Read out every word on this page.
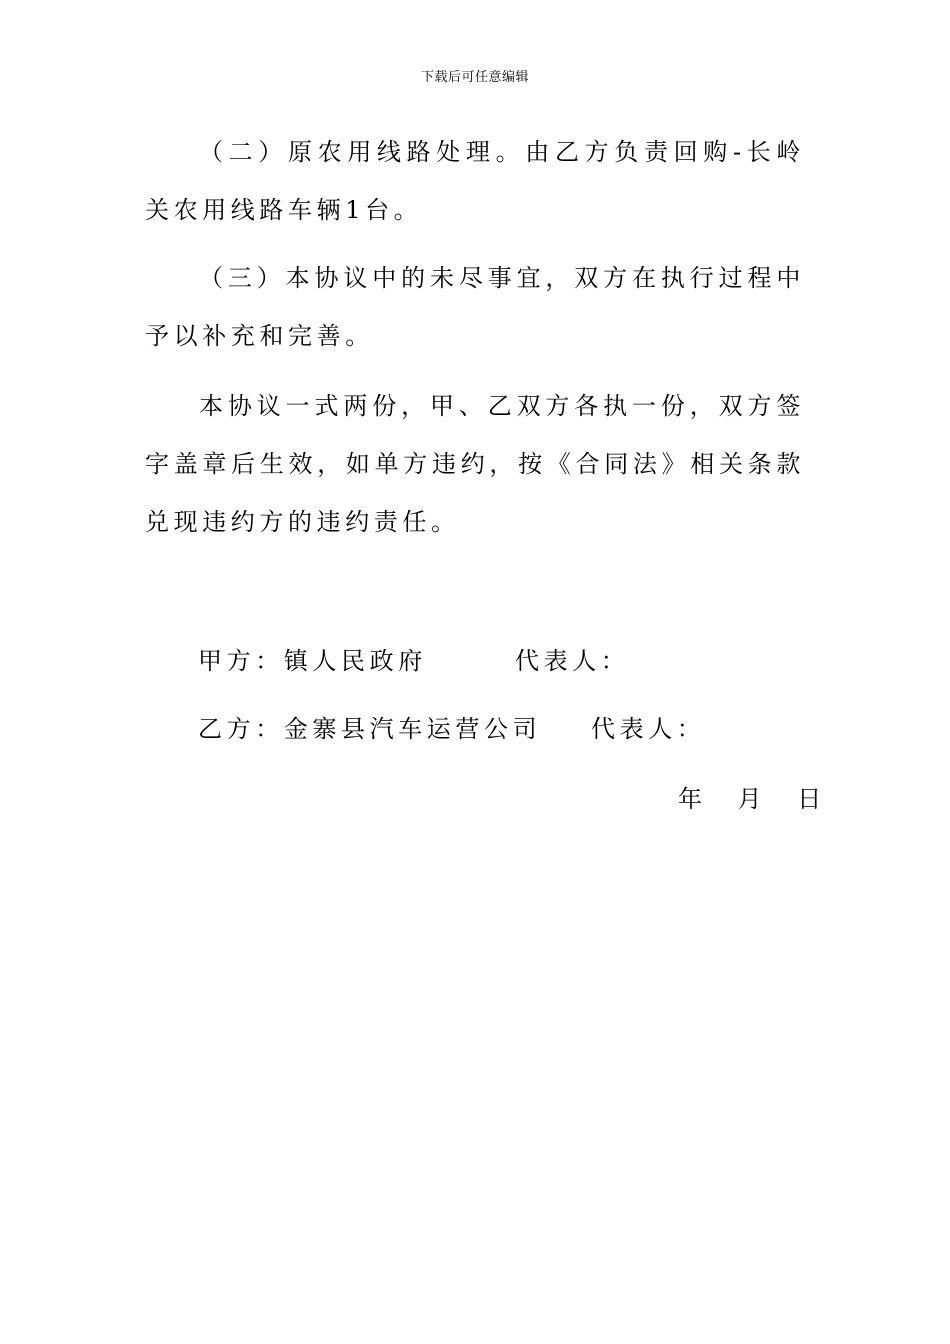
下载后可任意编辑

（二）原农用线路处理。由乙方负责回购-长岭关农用线路车辆1台。

（三）本协议中的未尽事宜，双方在执行过程中予以补充和完善。

本协议一式两份，甲、乙双方各执一份，双方签字盖章后生效，如单方违约，按《合同法》相关条款兑现违约方的违约责任。

甲方：镇人民政府	代表人：
乙方：金寨县汽车运营公司 代表人：
年 月 日
